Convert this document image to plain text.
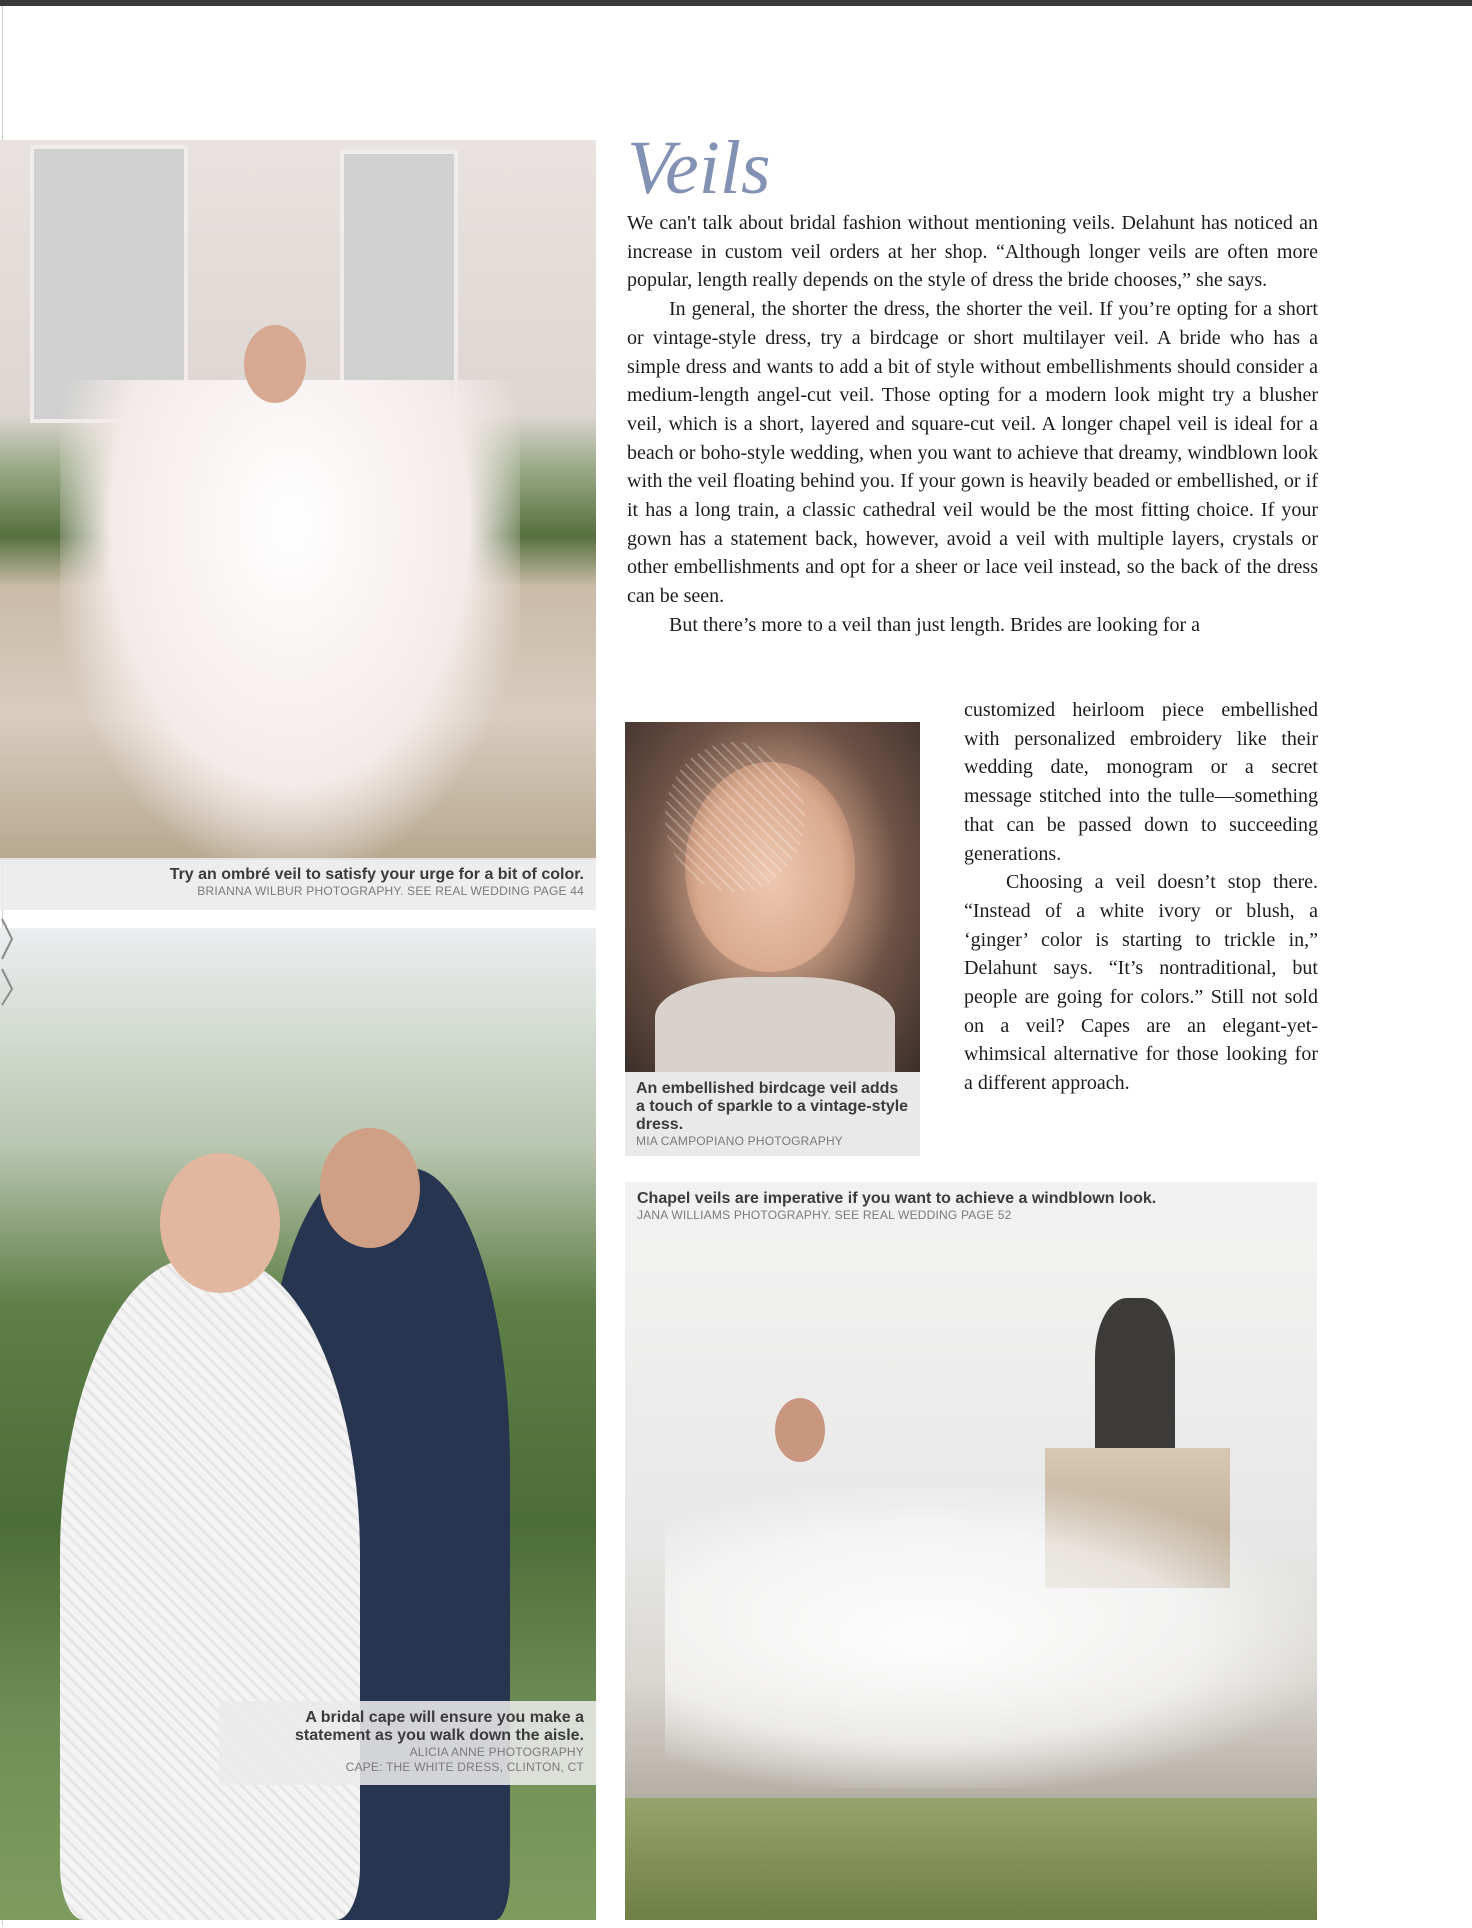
Try an ombré veil to satisfy your urge for a bit of color.
BRIANNA WILBUR PHOTOGRAPHY. SEE REAL WEDDING PAGE 44
A bridal cape will ensure you make a
statement as you walk down the aisle.
ALICIA ANNE PHOTOGRAPHY
CAPE: THE WHITE DRESS, CLINTON, CT
Veils

We can't talk about bridal fashion without mentioning veils. Delahunt has noticed an increase in custom veil orders at her shop. “Although longer veils are often more popular, length really depends on the style of dress the bride chooses,” she says.

In general, the shorter the dress, the shorter the veil. If you’re opting for a short or vintage-style dress, try a birdcage or short multilayer veil. A bride who has a simple dress and wants to add a bit of style without embellishments should consider a medium-length angel-cut veil. Those opting for a modern look might try a blusher veil, which is a short, layered and square-cut veil. A longer chapel veil is ideal for a beach or boho-style wedding, when you want to achieve that dreamy, windblown look with the veil floating behind you. If your gown is heavily beaded or embellished, or if it has a long train, a classic cathedral veil would be the most fitting choice. If your gown has a statement back, however, avoid a veil with multiple layers, crystals or other embellishments and opt for a sheer or lace veil instead, so the back of the dress can be seen.

But there’s more to a veil than just length. Brides are looking for a

customized heirloom piece embellished with personalized embroidery like their wedding date, monogram or a secret message stitched into the tulle—something that can be passed down to succeeding generations.

Choosing a veil doesn’t stop there. “Instead of a white ivory or blush, a ‘ginger’ color is starting to trickle in,” Delahunt says. “It’s nontraditional, but people are going for colors.” Still not sold on a veil? Capes are an elegant-yet-whimsical alternative for those looking for a different approach.

An embellished birdcage veil adds a touch of sparkle to a vintage-style dress.
MIA CAMPOPIANO PHOTOGRAPHY
Chapel veils are imperative if you want to achieve a windblown look.
JANA WILLIAMS PHOTOGRAPHY. SEE REAL WEDDING PAGE 52
